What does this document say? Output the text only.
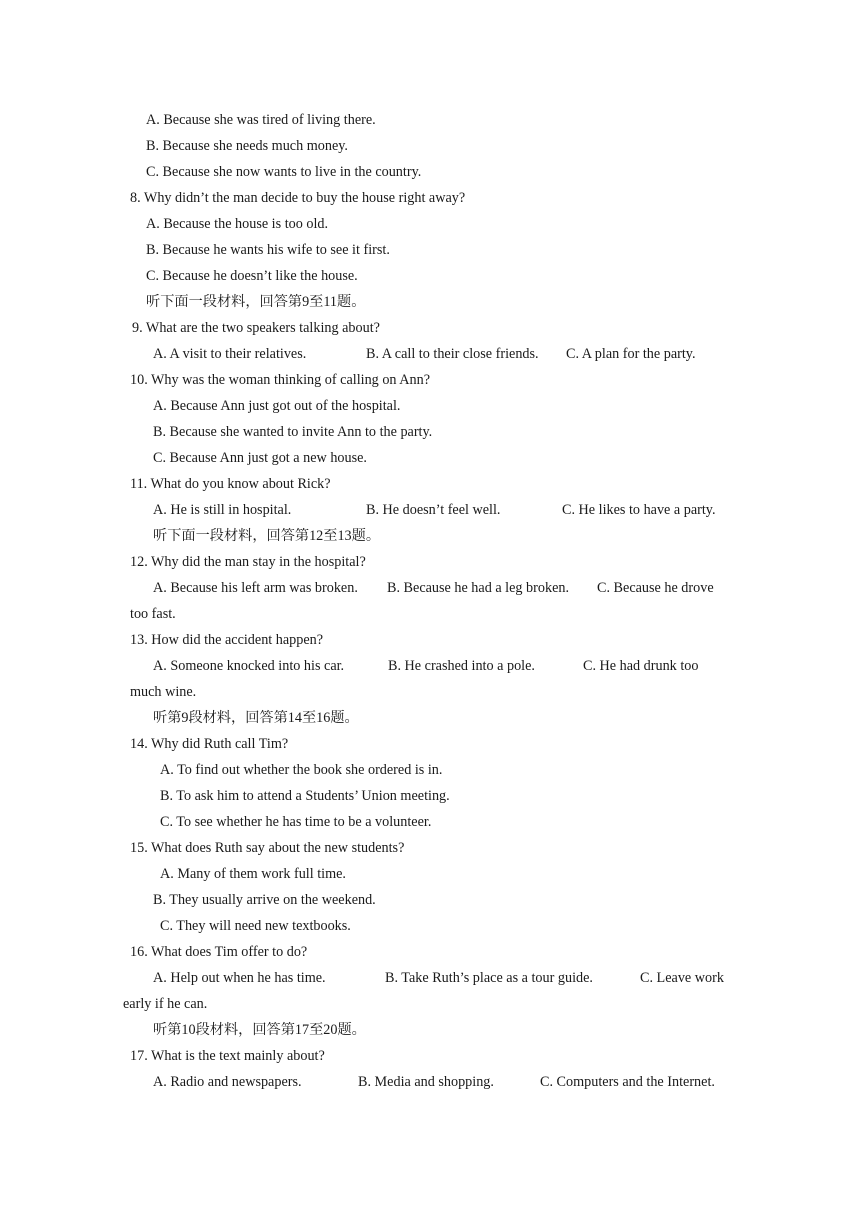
A. Because she was tired of living there.
B. Because she needs much money.
C. Because she now wants to live in the country.
8. Why didn’t the man decide to buy the house right away?
A. Because the house is too old.
B. Because he wants his wife to see it first.
C. Because he doesn’t like the house.
听下面一段材料，回答第9至11题。
9. What are the two speakers talking about?
A. A visit to their relatives.	B. A call to their close friends. C. A plan for the party.
10. Why was the woman thinking of calling on Ann?
A. Because Ann just got out of the hospital.
B. Because she wanted to invite Ann to the party.
C. Because Ann just got a new house.
11. What do you know about Rick?
A. He is still in hospital.	B. He doesn’t feel well.	C. He likes to have a party.
听下面一段材料，回答第12至13题。
12. Why did the man stay in the hospital?
A. Because his left arm was broken. B. Because he had a leg broken. C. Because he drove
too fast.
13. How did the accident happen?
A. Someone knocked into his car.	B. He crashed into a pole.	C. He had drunk too
much wine.
听第9段材料，回答第14至16题。
14. Why did Ruth call Tim?
A. To find out whether the book she ordered is in.
B. To ask him to attend a Students’ Union meeting.
C. To see whether he has time to be a volunteer.
15. What does Ruth say about the new students?
A. Many of them work full time.
B. They usually arrive on the weekend.
C. They will need new textbooks.
16. What does Tim offer to do?
A. Help out when he has time.	B. Take Ruth’s place as a tour guide.	C. Leave work
early if he can.
听第10段材料，回答第17至20题。
17. What is the text mainly about?
A. Radio and newspapers.	B. Media and shopping.	C. Computers and the Internet.
